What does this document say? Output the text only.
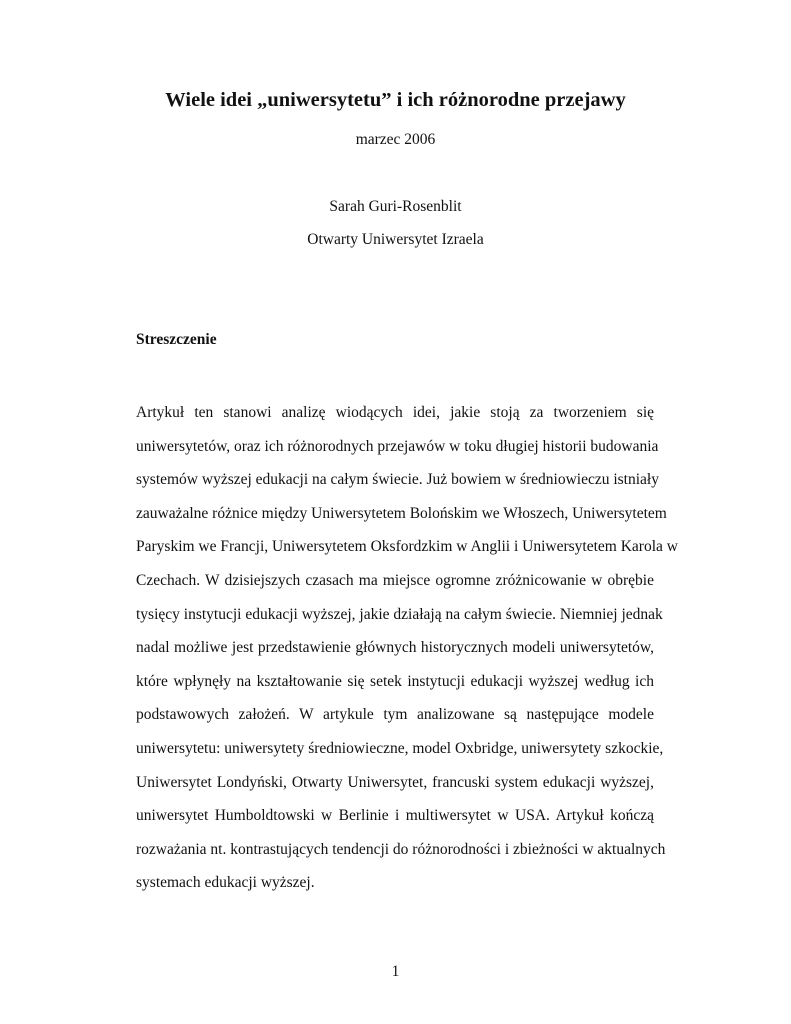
Wiele idei „uniwersytetu” i ich różnorodne przejawy
marzec 2006
Sarah Guri-Rosenblit
Otwarty Uniwersytet Izraela
Streszczenie
Artykuł ten stanowi analizę wiodących idei, jakie stoją za tworzeniem się
uniwersytetów, oraz ich różnorodnych przejawów w toku długiej historii budowania
systemów wyższej edukacji na całym świecie. Już bowiem w średniowieczu istniały
zauważalne różnice między Uniwersytetem Bolońskim we Włoszech, Uniwersytetem
Paryskim we Francji, Uniwersytetem Oksfordzkim w Anglii i Uniwersytetem Karola w
Czechach. W dzisiejszych czasach ma miejsce ogromne zróżnicowanie w obrębie
tysięcy instytucji edukacji wyższej, jakie działają na całym świecie. Niemniej jednak
nadal możliwe jest przedstawienie głównych historycznych modeli uniwersytetów,
które wpłynęły na kształtowanie się setek instytucji edukacji wyższej według ich
podstawowych założeń. W artykule tym analizowane są następujące modele
uniwersytetu: uniwersytety średniowieczne, model Oxbridge, uniwersytety szkockie,
Uniwersytet Londyński, Otwarty Uniwersytet, francuski system edukacji wyższej,
uniwersytet Humboldtowski w Berlinie i multiwersytet w USA. Artykuł kończą
rozważania nt. kontrastujących tendencji do różnorodności i zbieżności w aktualnych
systemach edukacji wyższej.
1
